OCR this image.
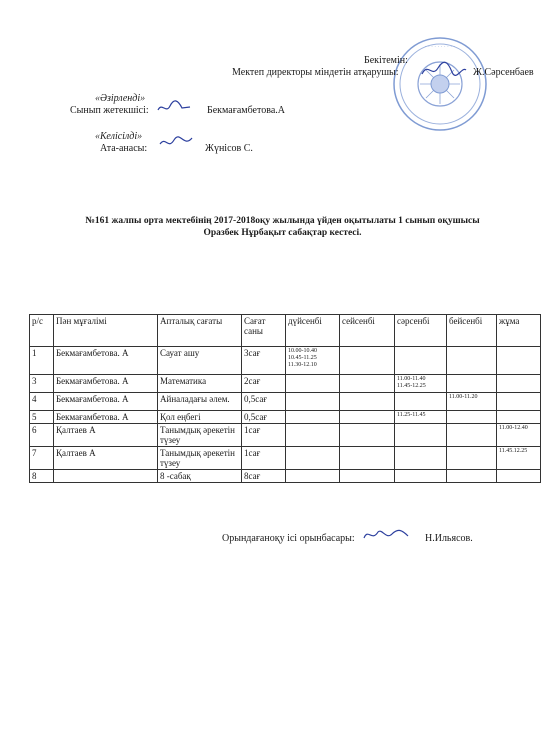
· · · · · · · · · ·
Бекітемін:
Мектеп директоры міндетін атқарушы:	Ж.Сәрсенбаев
«Әзірленді»
Сынып жетекшісі:	Бекмағамбетова.А
«Келісілді»
Ата-анасы:	Жүнісов С.
№161 жалпы орта мектебінің 2017-2018оқу жылында үйден оқытылаты 1 сынып оқушысы
Оразбек Нұрбақыт сабақтар кестесі.
р/с	Пән мұғалімі	Апталық сағаты	Сағат саны	дүйсенбі	сейсенбі	сәрсенбі	бейсенбі	жұма
1	Бекмағамбетова. А	Сауат ашу	3сағ	10.00-10.40
10.45-11.25
11.30-12.10				
3	Бекмағамбетова. А	Математика	2сағ			11.00-11.40
11.45-12.25		
4	Бекмағамбетова. А	Айналадағы әлем.	0,5сағ				11.00-11.20	
5	Бекмағамбетова. А	Қол еңбегі	0,5сағ			11.25-11.45		
6	Қалтаев А	Танымдық әрекетін түзеу	1сағ					11.00-12.40
7	Қалтаев А	Танымдық әрекетін түзеу	1сағ					11.45.12.25
8		8 -сабақ	8сағ					
Орындағаноқу ісі орынбасары:	Н.Ильясов.
